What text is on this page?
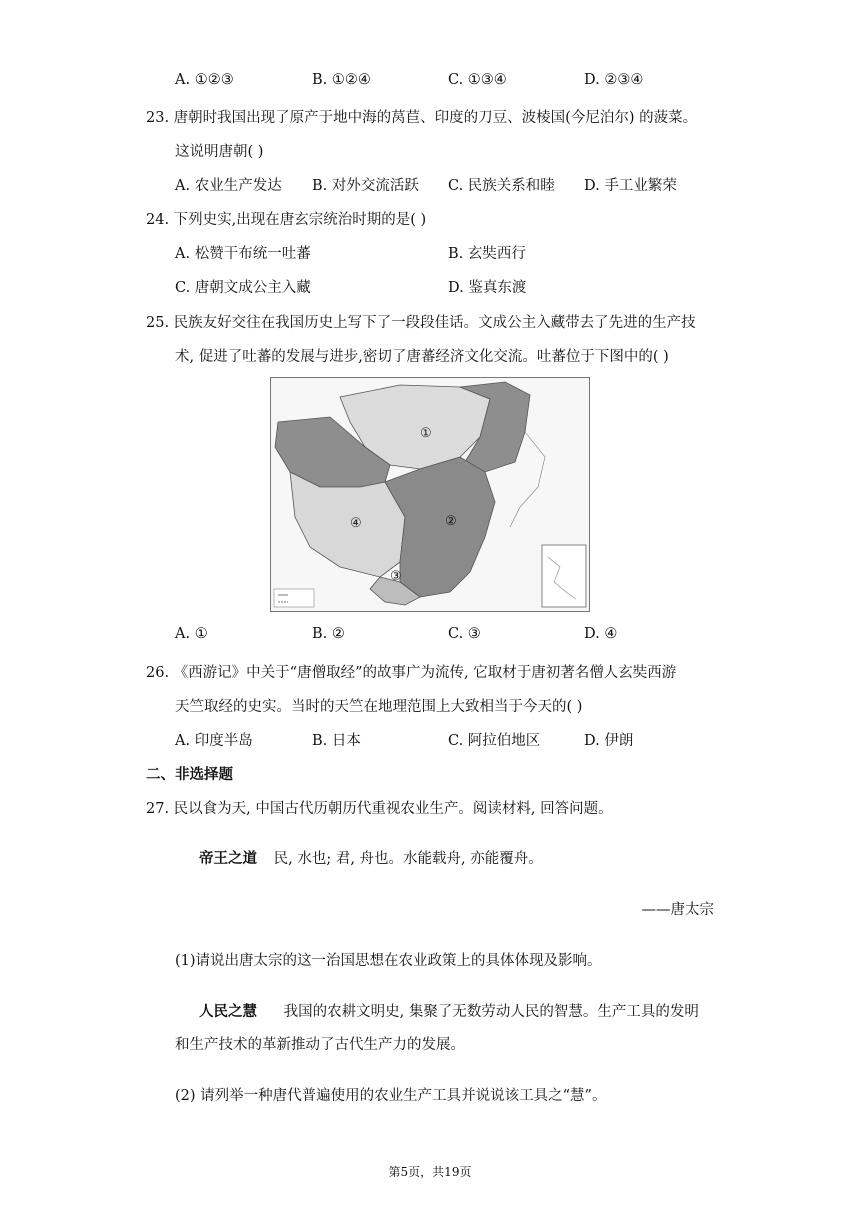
A. ①②③	B. ①②④	C. ①③④	D. ②③④
23. 唐朝时我国出现了原产于地中海的莴苣、印度的刀豆、波棱国(今尼泊尔) 的菠菜。
这说明唐朝( )
A. 农业生产发达 B. 对外交流活跃 C. 民族关系和睦 D. 手工业繁荣
24. 下列史实,出现在唐玄宗统治时期的是( )
A. 松赞干布统一吐蕃	B. 玄奘西行
C. 唐朝文成公主入藏	D. 鉴真东渡
25. 民族友好交往在我国历史上写下了一段段佳话。文成公主入藏带去了先进的生产技
术, 促进了吐蕃的发展与进步,密切了唐蕃经济文化交流。吐蕃位于下图中的( )
①
②
③
④
A. ①	B. ②	C. ③	D. ④
26. 《西游记》中关于“唐僧取经”的故事广为流传, 它取材于唐初著名僧人玄奘西游
天竺取经的史实。当时的天竺在地理范围上大致相当于今天的( )
A. 印度半岛	B. 日本	C. 阿拉伯地区	D. 伊朗
二、非选择题
27. 民以食为天, 中国古代历朝历代重视农业生产。阅读材料, 回答问题。
帝王之道 民, 水也; 君, 舟也。水能载舟, 亦能覆舟。
——唐太宗
(1)请说出唐太宗的这一治国思想在农业政策上的具体体现及影响。
人民之慧 我国的农耕文明史, 集聚了无数劳动人民的智慧。生产工具的发明
和生产技术的革新推动了古代生产力的发展。
(2) 请列举一种唐代普遍使用的农业生产工具并说说该工具之“慧”。
第5页，共19页
